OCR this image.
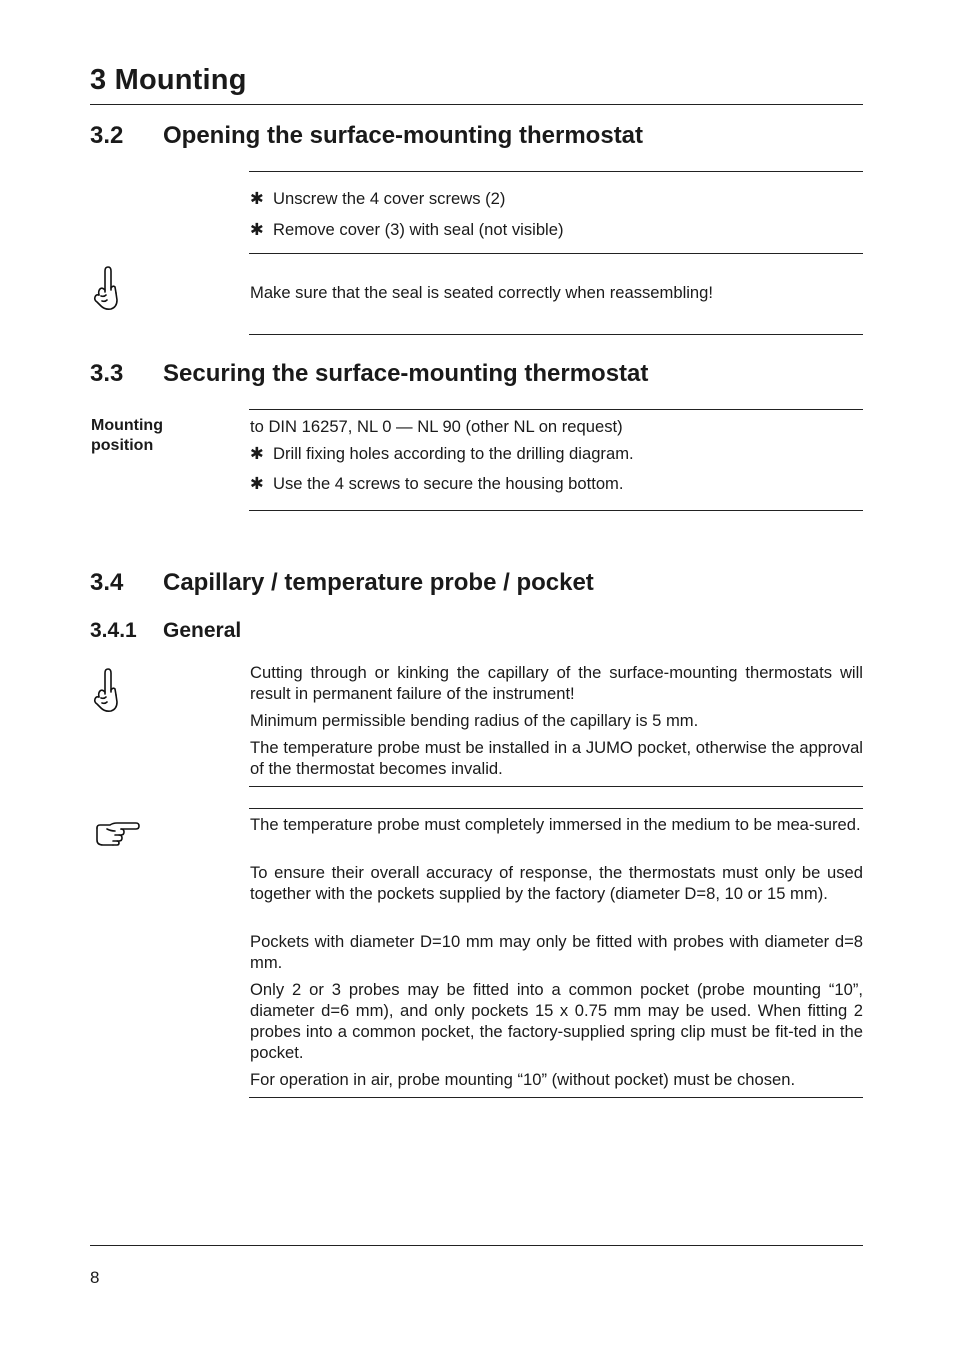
3 Mounting
3.2 Opening the surface-mounting thermostat
✱ Unscrew the 4 cover screws (2)
✱ Remove cover (3) with seal (not visible)

Make sure that the seal is seated correctly when reassembling!

3.3 Securing the surface-mounting thermostat
Mounting
position

to DIN 16257, NL 0 — NL 90 (other NL on request)

✱ Drill fixing holes according to the drilling diagram.
✱ Use the 4 screws to secure the housing bottom.
3.4 Capillary / temperature probe / pocket
3.4.1 General

Cutting through or kinking the capillary of the surface-mounting thermostats will result in permanent failure of the instrument!

Minimum permissible bending radius of the capillary is 5 mm.

The temperature probe must be installed in a JUMO pocket, otherwise the approval of the thermostat becomes invalid.

The temperature probe must completely immersed in the medium to be mea-sured.

To ensure their overall accuracy of response, the thermostats must only be used together with the pockets supplied by the factory (diameter D=8, 10 or 15 mm).

Pockets with diameter D=10 mm may only be fitted with probes with diameter d=8 mm.

Only 2 or 3 probes may be fitted into a common pocket (probe mounting “10”, diameter d=6 mm), and only pockets 15 x 0.75 mm may be used. When fitting 2 probes into a common pocket, the factory-supplied spring clip must be fit-ted in the pocket.

For operation in air, probe mounting “10” (without pocket) must be chosen.

8
